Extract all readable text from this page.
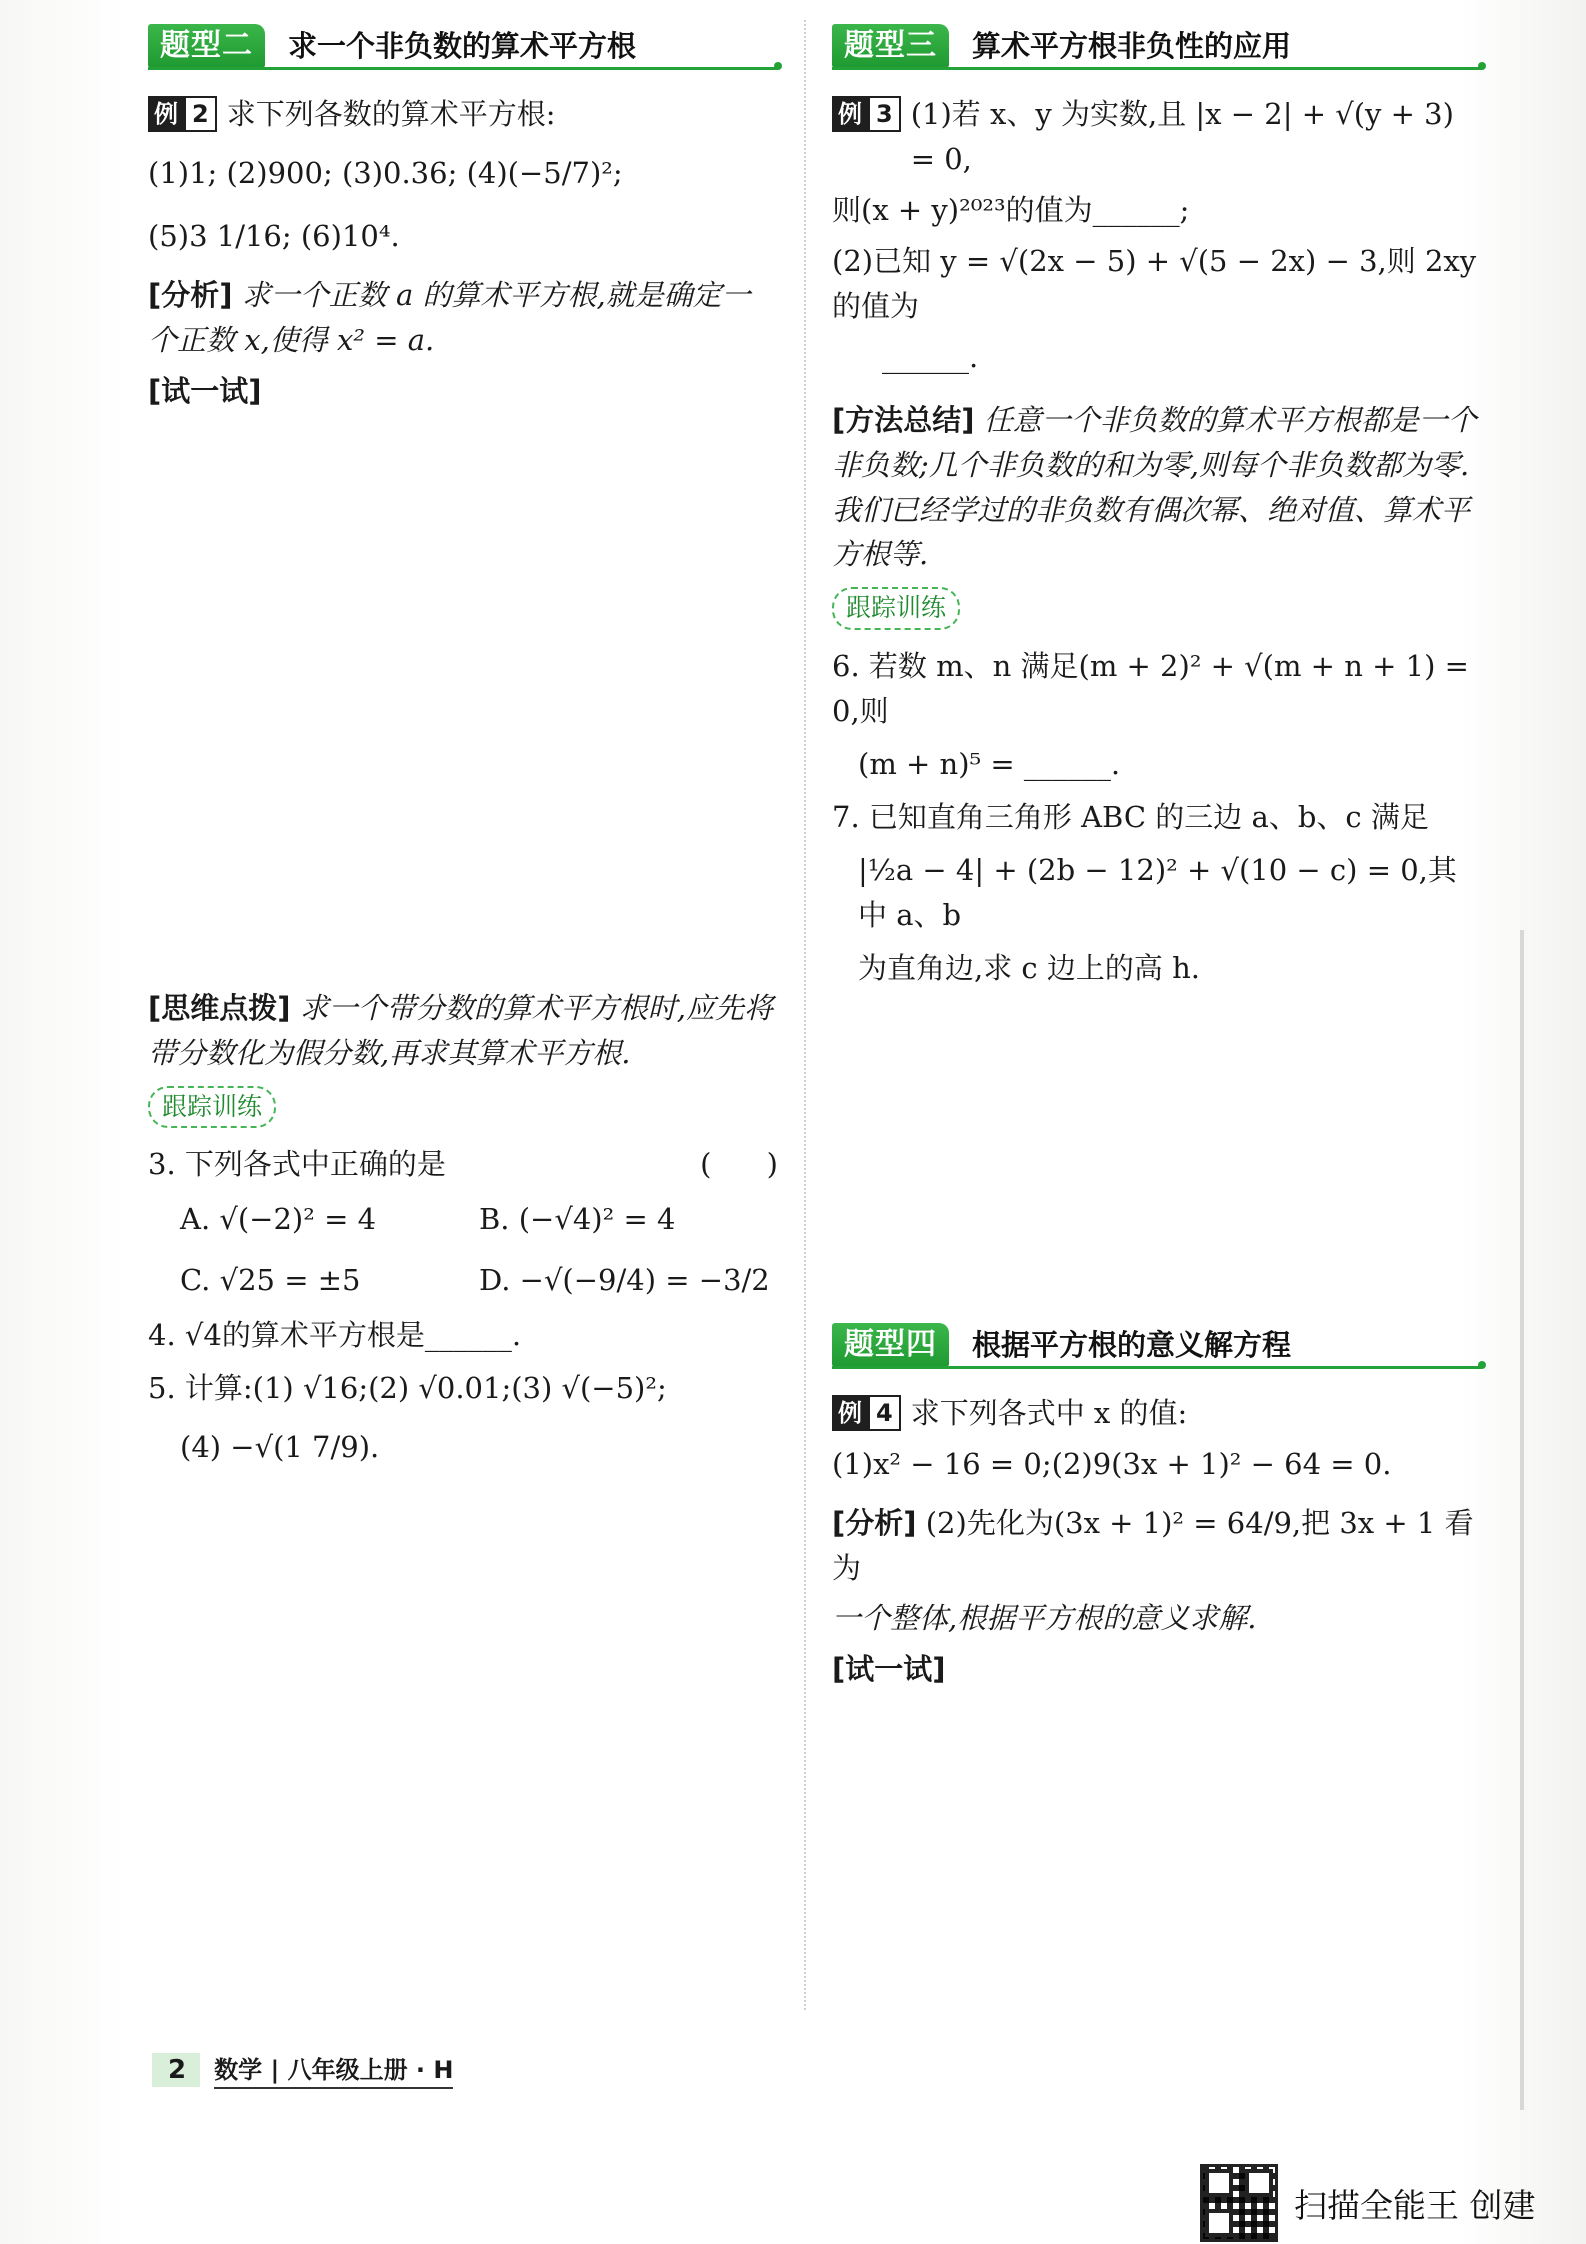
题型二	求一个非负数的算术平方根
例 2 求下列各数的算术平方根:
(1)1; (2)900; (3)0.36; (4)(−5/7)²;
(5)3 1/16; (6)10⁴.
[分析] 求一个正数 a 的算术平方根,就是确定一个正数 x,使得 x² = a.
[试一试]
[思维点拨] 求一个带分数的算术平方根时,应先将带分数化为假分数,再求其算术平方根.
跟踪训练
3. 下列各式中正确的是	(      )
A. √(−2)² = 4	B. (−√4)² = 4
C. √25 = ±5	D. −√(−9/4) = −3/2
4. √4的算术平方根是______.
5. 计算:(1) √16;(2) √0.01;(3) √(−5)²;
(4) −√(1 7/9).
题型三	算术平方根非负性的应用
例 3 (1)若 x、y 为实数,且 |x − 2| + √(y + 3) = 0,
则(x + y)²⁰²³的值为______;
(2)已知 y = √(2x − 5) + √(5 − 2x) − 3,则 2xy 的值为
______.
[方法总结] 任意一个非负数的算术平方根都是一个非负数;几个非负数的和为零,则每个非负数都为零.我们已经学过的非负数有偶次幂、绝对值、算术平方根等.
跟踪训练
6. 若数 m、n 满足(m + 2)² + √(m + n + 1) = 0,则
(m + n)⁵ = ______.
7. 已知直角三角形 ABC 的三边 a、b、c 满足
|½a − 4| + (2b − 12)² + √(10 − c) = 0,其中 a、b
为直角边,求 c 边上的高 h.
题型四	根据平方根的意义解方程
例 4 求下列各式中 x 的值:
(1)x² − 16 = 0;(2)9(3x + 1)² − 64 = 0.
[分析] (2)先化为(3x + 1)² = 64/9,把 3x + 1 看为
一个整体,根据平方根的意义求解.
[试一试]
2	数学 | 八年级上册 · H
扫描全能王 创建
